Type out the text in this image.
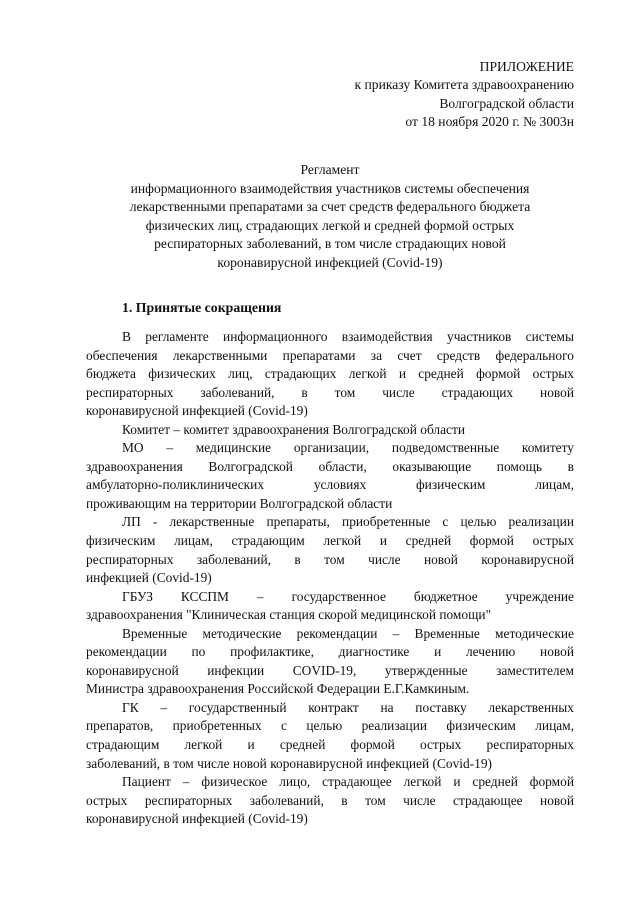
ПРИЛОЖЕНИЕ
к приказу Комитета здравоохранению
Волгоградской области
от 18 ноября 2020 г. № 3003н
Регламент
информационного взаимодействия участников системы обеспечения
лекарственными препаратами за счет средств федерального бюджета
физических лиц, страдающих легкой и средней формой острых
респираторных заболеваний, в том числе страдающих новой
коронавирусной инфекцией (Covid-19)
1. Принятые сокращения
В регламенте информационного взаимодействия участников системы
обеспечения лекарственными препаратами за счет средств федерального
бюджета физических лиц, страдающих легкой и средней формой острых
респираторных заболеваний, в том числе страдающих новой
коронавирусной инфекцией (Covid-19)
Комитет – комитет здравоохранения Волгоградской области
МО – медицинские организации, подведомственные комитету
здравоохранения Волгоградской области, оказывающие помощь в
амбулаторно-поликлинических условиях физическим лицам,
проживающим на территории Волгоградской области
ЛП - лекарственные препараты, приобретенные с целью реализации
физическим лицам, страдающим легкой и средней формой острых
респираторных заболеваний, в том числе новой коронавирусной
инфекцией (Covid-19)
ГБУЗ КССПМ – государственное бюджетное учреждение
здравоохранения "Клиническая станция скорой медицинской помощи"
Временные методические рекомендации – Временные методические
рекомендации по профилактике, диагностике и лечению новой
коронавирусной инфекции COVID-19, утвержденные заместителем
Министра здравоохранения Российской Федерации Е.Г.Камкиным.
ГК – государственный контракт на поставку лекарственных
препаратов, приобретенных с целью реализации физическим лицам,
страдающим легкой и средней формой острых респираторных
заболеваний, в том числе новой коронавирусной инфекцией (Covid-19)
Пациент – физическое лицо, страдающее легкой и средней формой
острых респираторных заболеваний, в том числе страдающее новой
коронавирусной инфекцией (Covid-19)
